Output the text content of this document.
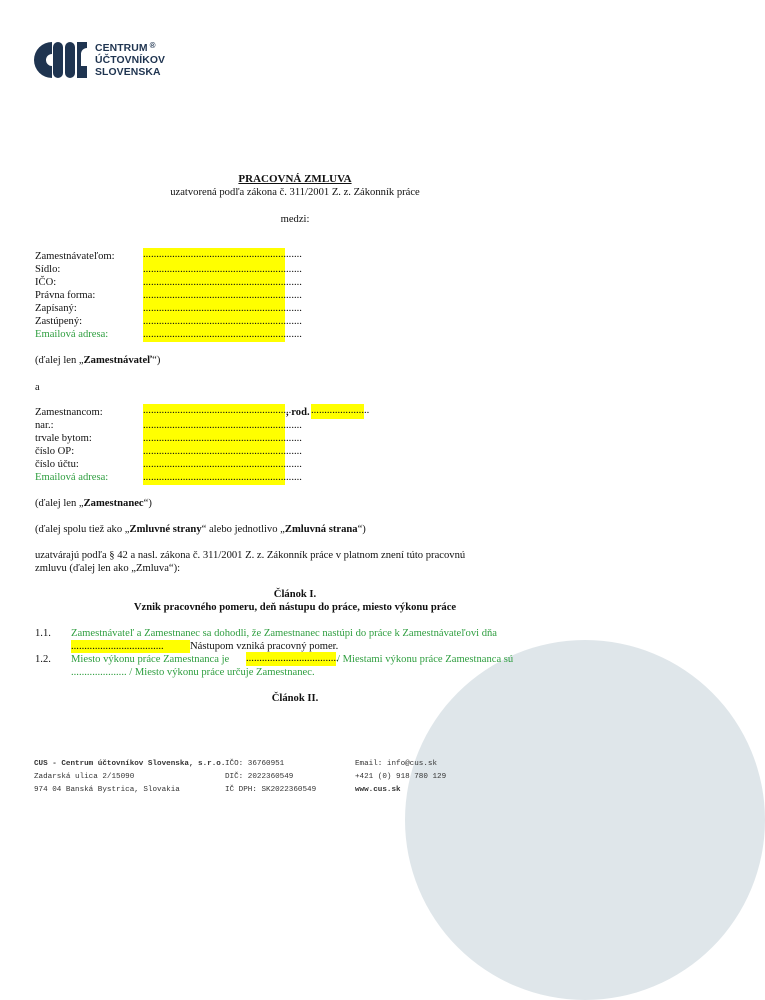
CENTRUM ®
ÚČTOVNÍKOV
SLOVENSKA
PRACOVNÁ ZMLUVA
uzatvorená podľa zákona č. 311/2001 Z. z. Zákonník práce
medzi:
Zamestnávateľom:
Sídlo:
IČO:
Právna forma:
Zapísaný:
Zastúpený:
Emailová adresa:
............................................................
............................................................
............................................................
............................................................
............................................................
............................................................
............................................................
(ďalej len „Zamestnávateľ“)
a
Zamestnancom:
nar.:
trvale bytom:
číslo OP:
číslo účtu:
Emailová adresa:
........................................................
, rod. ......................
............................................................
............................................................
............................................................
............................................................
............................................................
(ďalej len „Zamestnanec“)
(ďalej spolu tiež ako „Zmluvné strany“ alebo jednotlivo „Zmluvná strana“)
uzatvárajú podľa § 42 a nasl. zákona č. 311/2001 Z. z. Zákonník práce v platnom znení túto pracovnú
zmluvu (ďalej len ako „Zmluva“):
Článok I.
Vznik pracovného pomeru, deň nástupu do práce, miesto výkonu práce
1.1. Zamestnávateľ a Zamestnanec sa dohodli, že Zamestnanec nastúpi do práce k Zamestnávateľovi dňa
...................................	Nástupom vzniká pracovný pomer.
1.2. Miesto výkonu práce Zamestnanca je ...................................
/ Miestami výkonu práce Zamestnanca sú
..................... / Miesto výkonu práce určuje Zamestnanec.
Článok II.
CUS - Centrum účtovníkov Slovenska, s.r.o.
Zadarská ulica 2/15090
974 04 Banská Bystrica, Slovakia
IČO: 36760951
DIČ: 2022360549
IČ DPH: SK2022360549
Email: info@cus.sk
+421 (0) 918 780 129
www.cus.sk
